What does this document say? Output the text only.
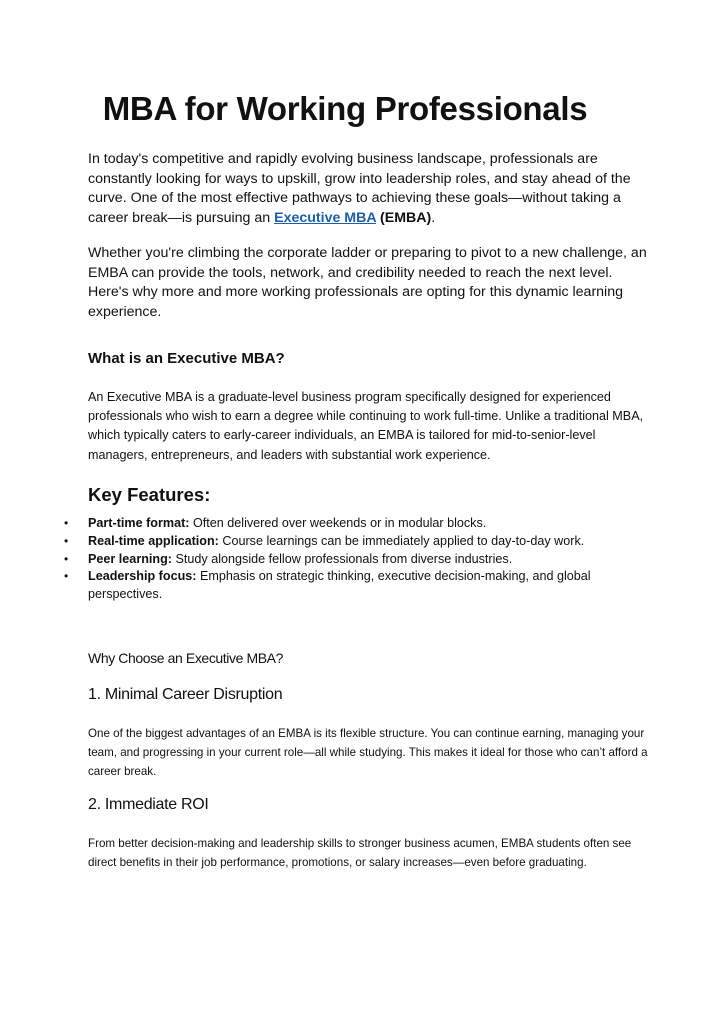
MBA for Working Professionals

In today's competitive and rapidly evolving business landscape, professionals are constantly looking for ways to upskill, grow into leadership roles, and stay ahead of the curve. One of the most effective pathways to achieving these goals—without taking a career break—is pursuing an Executive MBA (EMBA).

Whether you're climbing the corporate ladder or preparing to pivot to a new challenge, an EMBA can provide the tools, network, and credibility needed to reach the next level. Here's why more and more working professionals are opting for this dynamic learning experience.

What is an Executive MBA?

An Executive MBA is a graduate-level business program specifically designed for experienced professionals who wish to earn a degree while continuing to work full-time. Unlike a traditional MBA, which typically caters to early-career individuals, an EMBA is tailored for mid-to-senior-level managers, entrepreneurs, and leaders with substantial work experience.

Key Features:
• Part-time format: Often delivered over weekends or in modular blocks.
• Real-time application: Course learnings can be immediately applied to day-to-day work.
• Peer learning: Study alongside fellow professionals from diverse industries.
• Leadership focus: Emphasis on strategic thinking, executive decision-making, and global perspectives.
Why Choose an Executive MBA?
1. Minimal Career Disruption

One of the biggest advantages of an EMBA is its flexible structure. You can continue earning, managing your team, and progressing in your current role—all while studying. This makes it ideal for those who can’t afford a career break.

2. Immediate ROI

From better decision-making and leadership skills to stronger business acumen, EMBA students often see direct benefits in their job performance, promotions, or salary increases—even before graduating.
